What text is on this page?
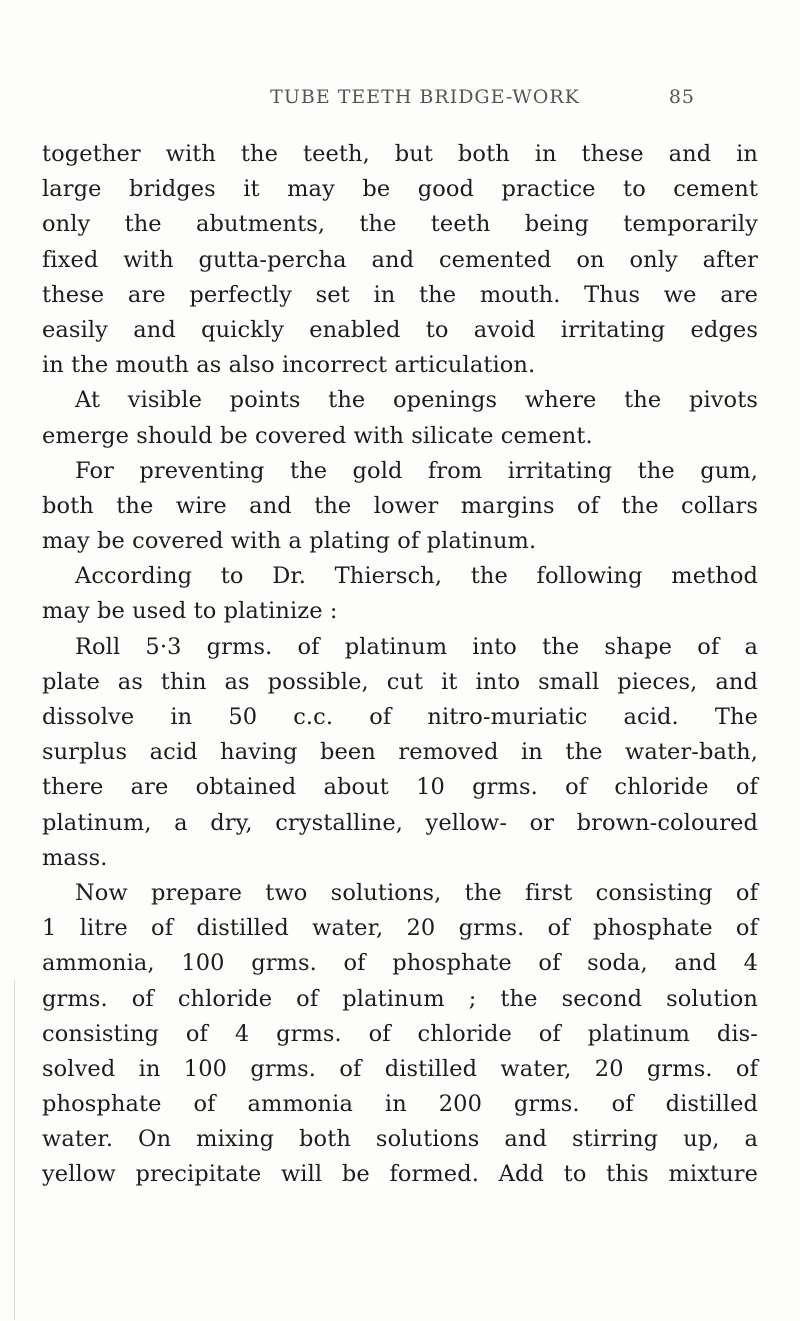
TUBE TEETH BRIDGE-WORK	85
together with the teeth, but both in these and in
large bridges it may be good practice to cement
only the abutments, the teeth being temporarily
fixed with gutta-percha and cemented on only after
these are perfectly set in the mouth. Thus we are
easily and quickly enabled to avoid irritating edges
in the mouth as also incorrect articulation.
At visible points the openings where the pivots
emerge should be covered with silicate cement.
For preventing the gold from irritating the gum,
both the wire and the lower margins of the collars
may be covered with a plating of platinum.
According to Dr. Thiersch, the following method
may be used to platinize :
Roll 5·3 grms. of platinum into the shape of a
plate as thin as possible, cut it into small pieces, and
dissolve in 50 c.c. of nitro-muriatic acid. The
surplus acid having been removed in the water-bath,
there are obtained about 10 grms. of chloride of
platinum, a dry, crystalline, yellow- or brown-coloured
mass.
Now prepare two solutions, the first consisting of
1 litre of distilled water, 20 grms. of phosphate of
ammonia, 100 grms. of phosphate of soda, and 4
grms. of chloride of platinum ; the second solution
consisting of 4 grms. of chloride of platinum dis-
solved in 100 grms. of distilled water, 20 grms. of
phosphate of ammonia in 200 grms. of distilled
water. On mixing both solutions and stirring up, a
yellow precipitate will be formed. Add to this mixture
